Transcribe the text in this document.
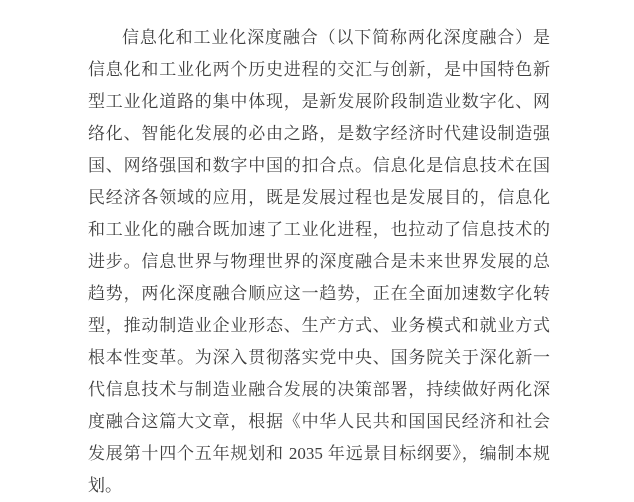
信息化和工业化深度融合（以下简称两化深度融合）是
信息化和工业化两个历史进程的交汇与创新，是中国特色新
型工业化道路的集中体现，是新发展阶段制造业数字化、网
络化、智能化发展的必由之路，是数字经济时代建设制造强
国、网络强国和数字中国的扣合点。信息化是信息技术在国
民经济各领域的应用，既是发展过程也是发展目的，信息化
和工业化的融合既加速了工业化进程，也拉动了信息技术的
进步。信息世界与物理世界的深度融合是未来世界发展的总
趋势，两化深度融合顺应这一趋势，正在全面加速数字化转
型，推动制造业企业形态、生产方式、业务模式和就业方式
根本性变革。为深入贯彻落实党中央、国务院关于深化新一
代信息技术与制造业融合发展的决策部署，持续做好两化深
度融合这篇大文章，根据《中华人民共和国国民经济和社会
发展第十四个五年规划和 2035 年远景目标纲要》，编制本规
划。
